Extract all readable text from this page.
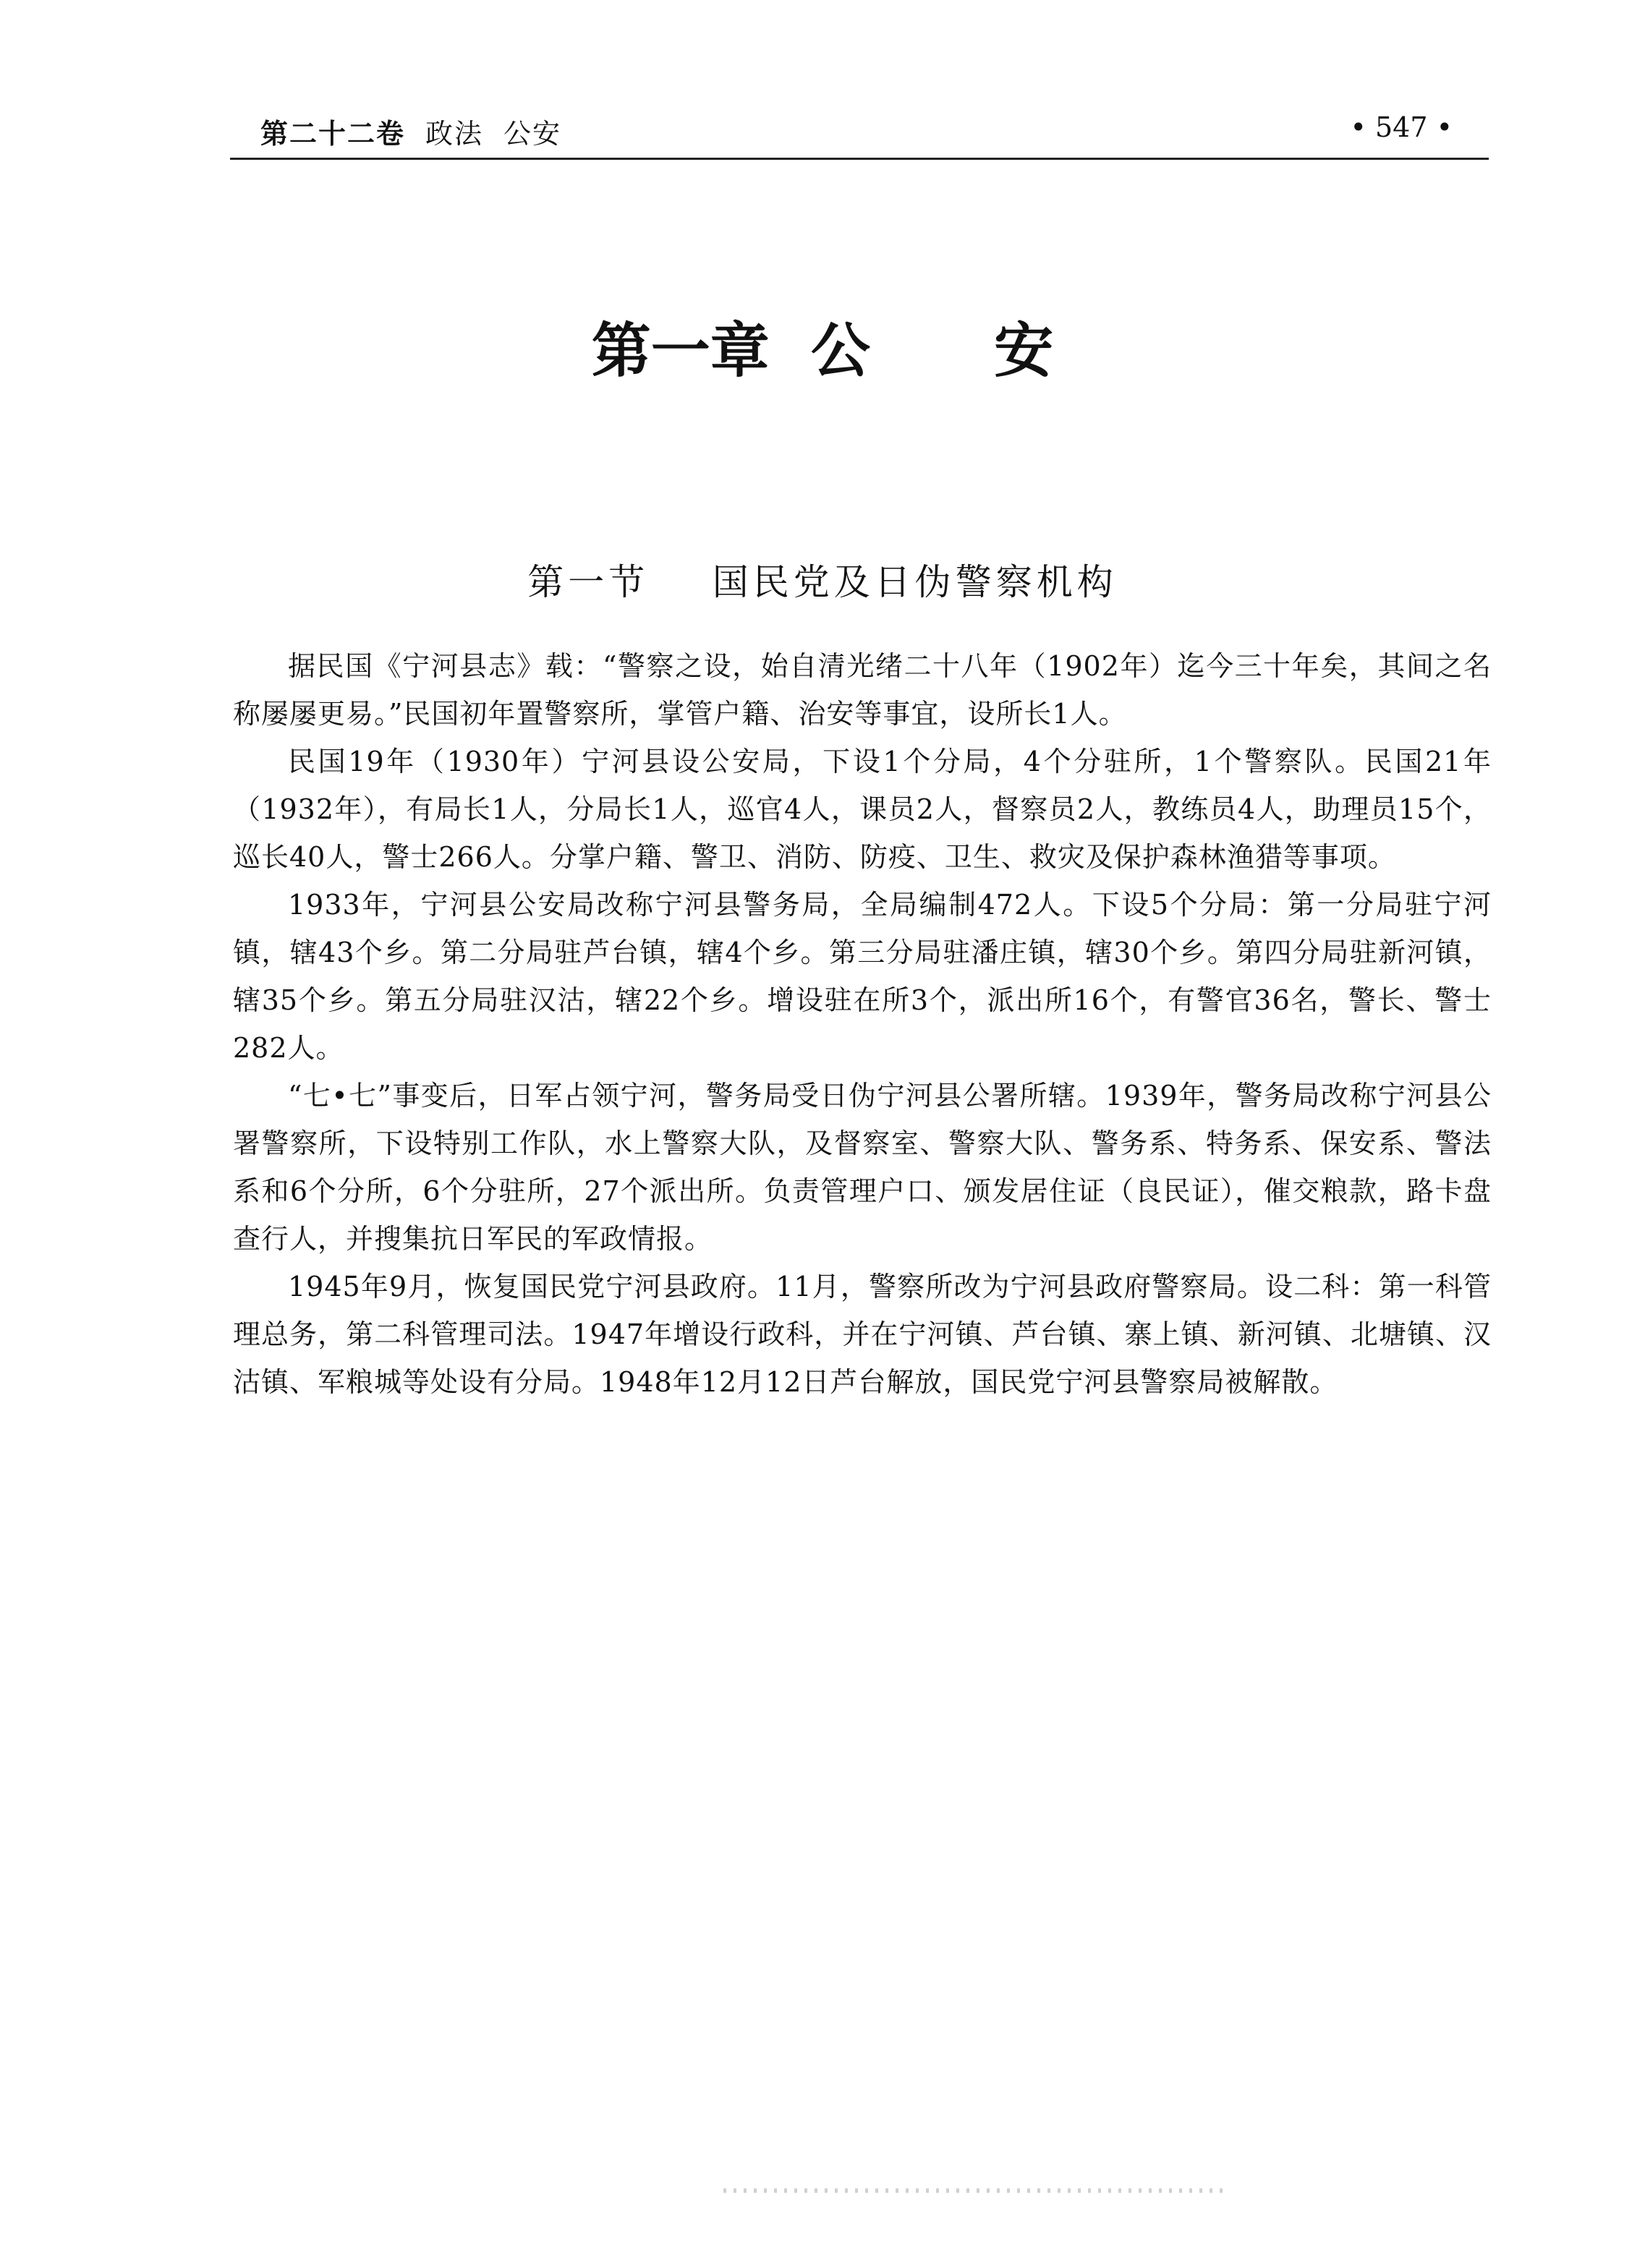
第二十二卷 政法 公安	• 547 •
第一章  公      安
第一节    国民党及日伪警察机构

据民国《宁河县志》载：“警察之设，始自清光绪二十八年（1902年）迄今三十年矣，其间之名称屡屡更易。”民国初年置警察所，掌管户籍、治安等事宜，设所长1人。

民国19年（1930年）宁河县设公安局，下设1个分局，4个分驻所，1个警察队。民国21年（1932年），有局长1人，分局长1人，巡官4人，课员2人，督察员2人，教练员4人，助理员15个，巡长40人，警士266人。分掌户籍、警卫、消防、防疫、卫生、救灾及保护森林渔猎等事项。

1933年，宁河县公安局改称宁河县警务局，全局编制472人。下设5个分局：第一分局驻宁河镇，辖43个乡。第二分局驻芦台镇，辖4个乡。第三分局驻潘庄镇，辖30个乡。第四分局驻新河镇，辖35个乡。第五分局驻汉沽，辖22个乡。增设驻在所3个，派出所16个，有警官36名，警长、警士282人。

“七•七”事变后，日军占领宁河，警务局受日伪宁河县公署所辖。1939年，警务局改称宁河县公署警察所，下设特别工作队，水上警察大队，及督察室、警察大队、警务系、特务系、保安系、警法系和6个分所，6个分驻所，27个派出所。负责管理户口、颁发居住证（良民证），催交粮款，路卡盘查行人，并搜集抗日军民的军政情报。

1945年9月，恢复国民党宁河县政府。11月，警察所改为宁河县政府警察局。设二科：第一科管理总务，第二科管理司法。1947年增设行政科，并在宁河镇、芦台镇、寨上镇、新河镇、北塘镇、汉沽镇、军粮城等处设有分局。1948年12月12日芦台解放，国民党宁河县警察局被解散。
